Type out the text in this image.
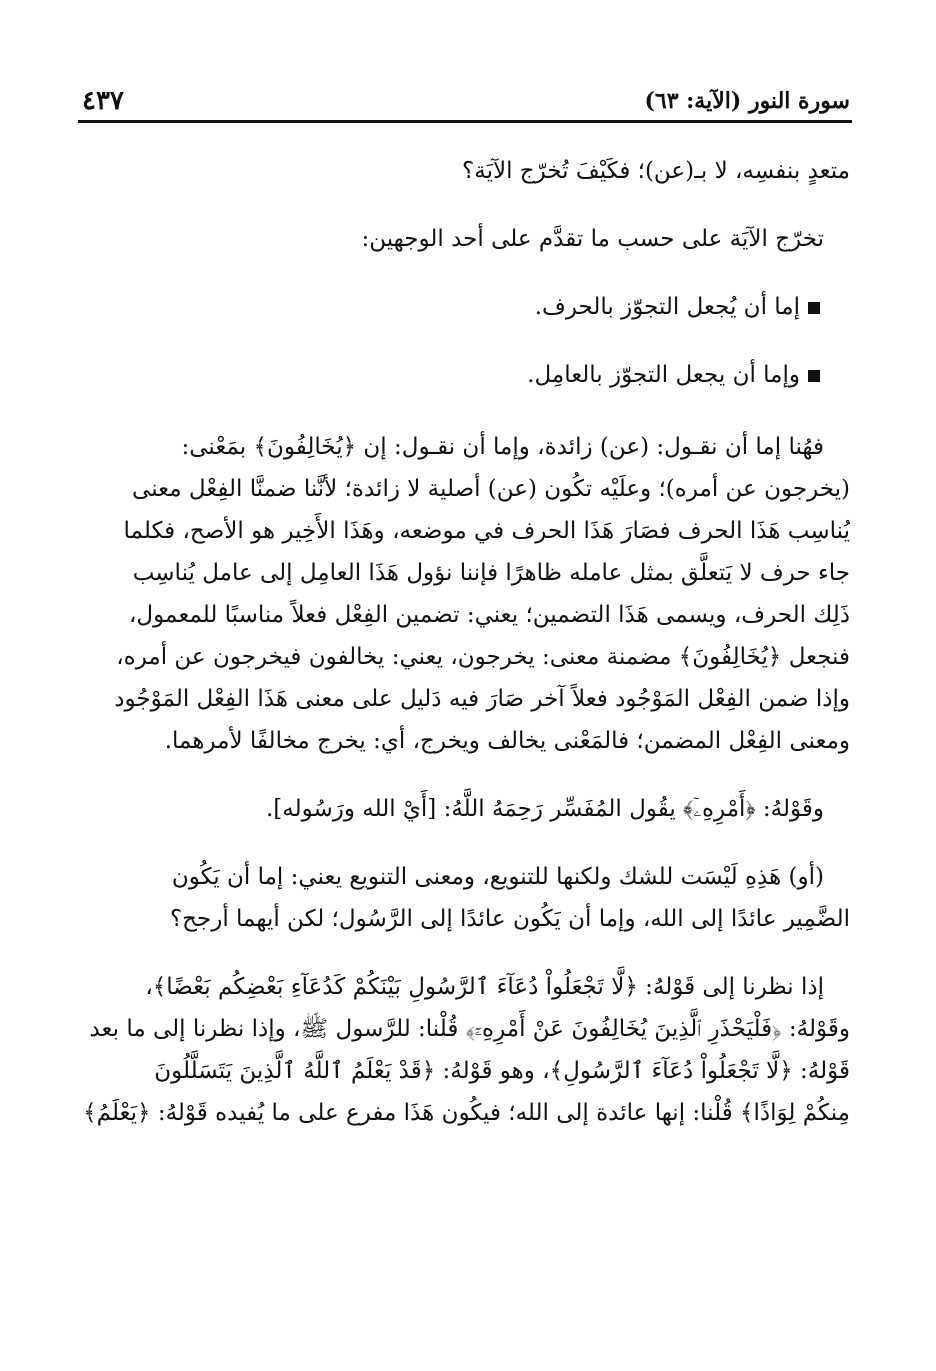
٤٣٧	سورة النور (الآية: ٦٣)
متعدٍ بنفسِه، لا بـ(عن)؛ فكَيْفَ تُخرّج الآيَة؟
تخرّج الآيَة على حسب ما تقدَّم على أحد الوجهين:
إما أن يُجعل التجوّز بالحرف.
وإما أن يجعل التجوّز بالعامِل.
فهُنا إما أن نقـول: (عن) زائدة، وإما أن نقـول: إن ﴿يُخَالِفُونَ﴾ بمَعْنى:
(يخرجون عن أمره)؛ وعلَيْه تكُون (عن) أصلية لا زائدة؛ لأنَّنا ضمنَّا الفِعْل معنى
يُناسِب هَذَا الحرف فصَارَ هَذَا الحرف في موضعه، وهَذَا الأَخِير هو الأصح، فكلما
جاء حرف لا يَتعلَّق بمثل عامله ظاهرًا فإننا نؤول هَذَا العامِل إلى عامل يُناسِب
ذَلِك الحرف، ويسمى هَذَا التضمين؛ يعني: تضمين الفِعْل فعلاً مناسبًا للمعمول،
فنجعل ﴿يُخَالِفُونَ﴾ مضمنة معنى: يخرجون، يعني: يخالفون فيخرجون عن أمره،
وإذا ضمن الفِعْل المَوْجُود فعلاً آخر صَارَ فيه دَليل على معنى هَذَا الفِعْل المَوْجُود
ومعنى الفِعْل المضمن؛ فالمَعْنى يخالف ويخرج، أي: يخرج مخالفًا لأمرهما.
وقَوْلهُ: ﴿أَمْرِهِۦٓ﴾ يقُول المُفَسِّر رَحِمَهُ اللَّهُ: [أَيْ الله ورَسُوله].
(أو) هَذِهِ لَيْسَت للشك ولكنها للتنويع، ومعنى التنويع يعني: إما أن يَكُون
الضَّمِير عائدًا إلى الله، وإما أن يَكُون عائدًا إلى الرَّسُول؛ لكن أيهما أرجح؟
إذا نظرنا إلى قَوْلهُ: ﴿لَّا تَجْعَلُواْ دُعَآءَ ٱلرَّسُولِ بَيْنَكُمْ كَدُعَآءِ بَعْضِكُم بَعْضًا﴾،
وقَوْلهُ: ﴿فَلْيَحْذَرِ ٱلَّذِينَ يُخَالِفُونَ عَنْ أَمْرِهِۦٓ﴾ قُلْنا: للرَّسول ﷺ، وإذا نظرنا إلى ما بعد
قَوْلهُ: ﴿لَّا تَجْعَلُواْ دُعَآءَ ٱلرَّسُولِ﴾، وهو قَوْلهُ: ﴿قَدْ يَعْلَمُ ٱللَّهُ ٱلَّذِينَ يَتَسَلَّلُونَ
مِنكُمْ لِوَاذًا﴾ قُلْنا: إنها عائدة إلى الله؛ فيكُون هَذَا مفرع على ما يُفيده قَوْلهُ: ﴿يَعْلَمُ﴾
